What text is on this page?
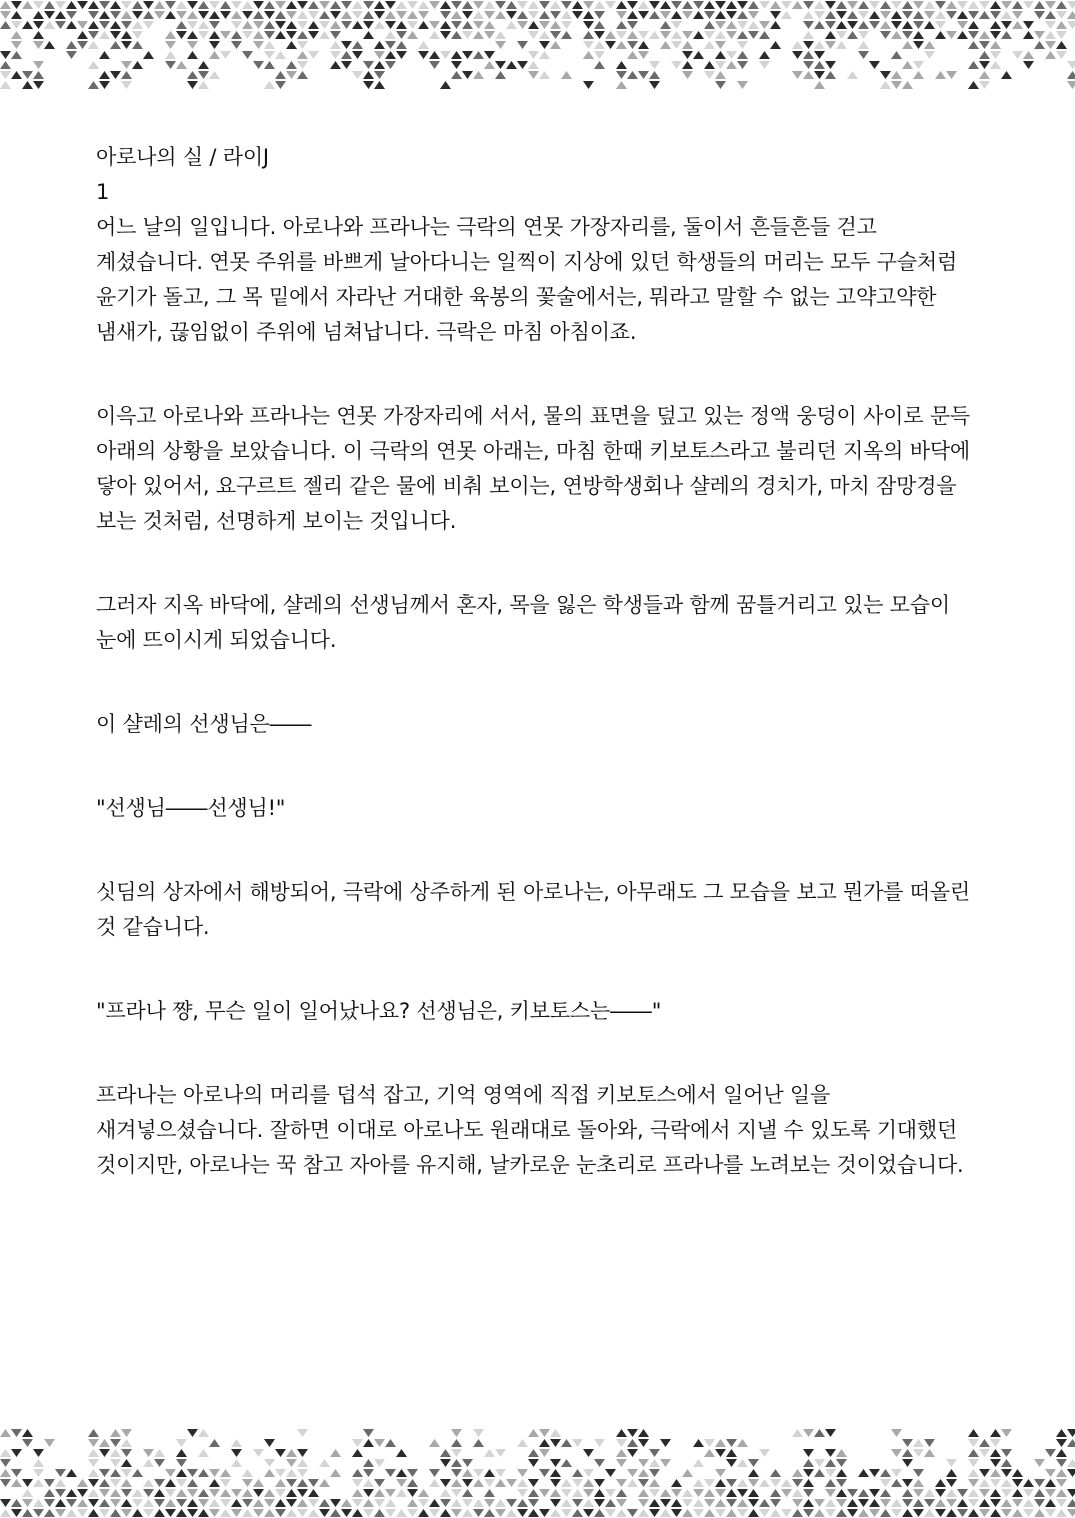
아로나의 실 / 라이J
1
어느 날의 일입니다. 아로나와 프라나는 극락의 연못 가장자리를, 둘이서 흔들흔들 걷고
계셨습니다. 연못 주위를 바쁘게 날아다니는 일찍이 지상에 있던 학생들의 머리는 모두 구슬처럼
윤기가 돌고, 그 목 밑에서 자라난 거대한 육봉의 꽃술에서는, 뭐라고 말할 수 없는 고약고약한
냄새가, 끊임없이 주위에 넘쳐납니다. 극락은 마침 아침이죠.
이윽고 아로나와 프라나는 연못 가장자리에 서서, 물의 표면을 덮고 있는 정액 웅덩이 사이로 문득
아래의 상황을 보았습니다. 이 극락의 연못 아래는, 마침 한때 키보토스라고 불리던 지옥의 바닥에
닿아 있어서, 요구르트 젤리 같은 물에 비춰 보이는, 연방학생회나 샬레의 경치가, 마치 잠망경을
보는 것처럼, 선명하게 보이는 것입니다.
그러자 지옥 바닥에, 샬레의 선생님께서 혼자, 목을 잃은 학생들과 함께 꿈틀거리고 있는 모습이
눈에 뜨이시게 되었습니다.
이 샬레의 선생님은――
"선생님――선생님!"
싯딤의 상자에서 해방되어, 극락에 상주하게 된 아로나는, 아무래도 그 모습을 보고 뭔가를 떠올린
것 같습니다.
"프라나 쨩, 무슨 일이 일어났나요? 선생님은, 키보토스는――"
프라나는 아로나의 머리를 덥석 잡고, 기억 영역에 직접 키보토스에서 일어난 일을
새겨넣으셨습니다. 잘하면 이대로 아로나도 원래대로 돌아와, 극락에서 지낼 수 있도록 기대했던
것이지만, 아로나는 꾹 참고 자아를 유지해, 날카로운 눈초리로 프라나를 노려보는 것이었습니다.
